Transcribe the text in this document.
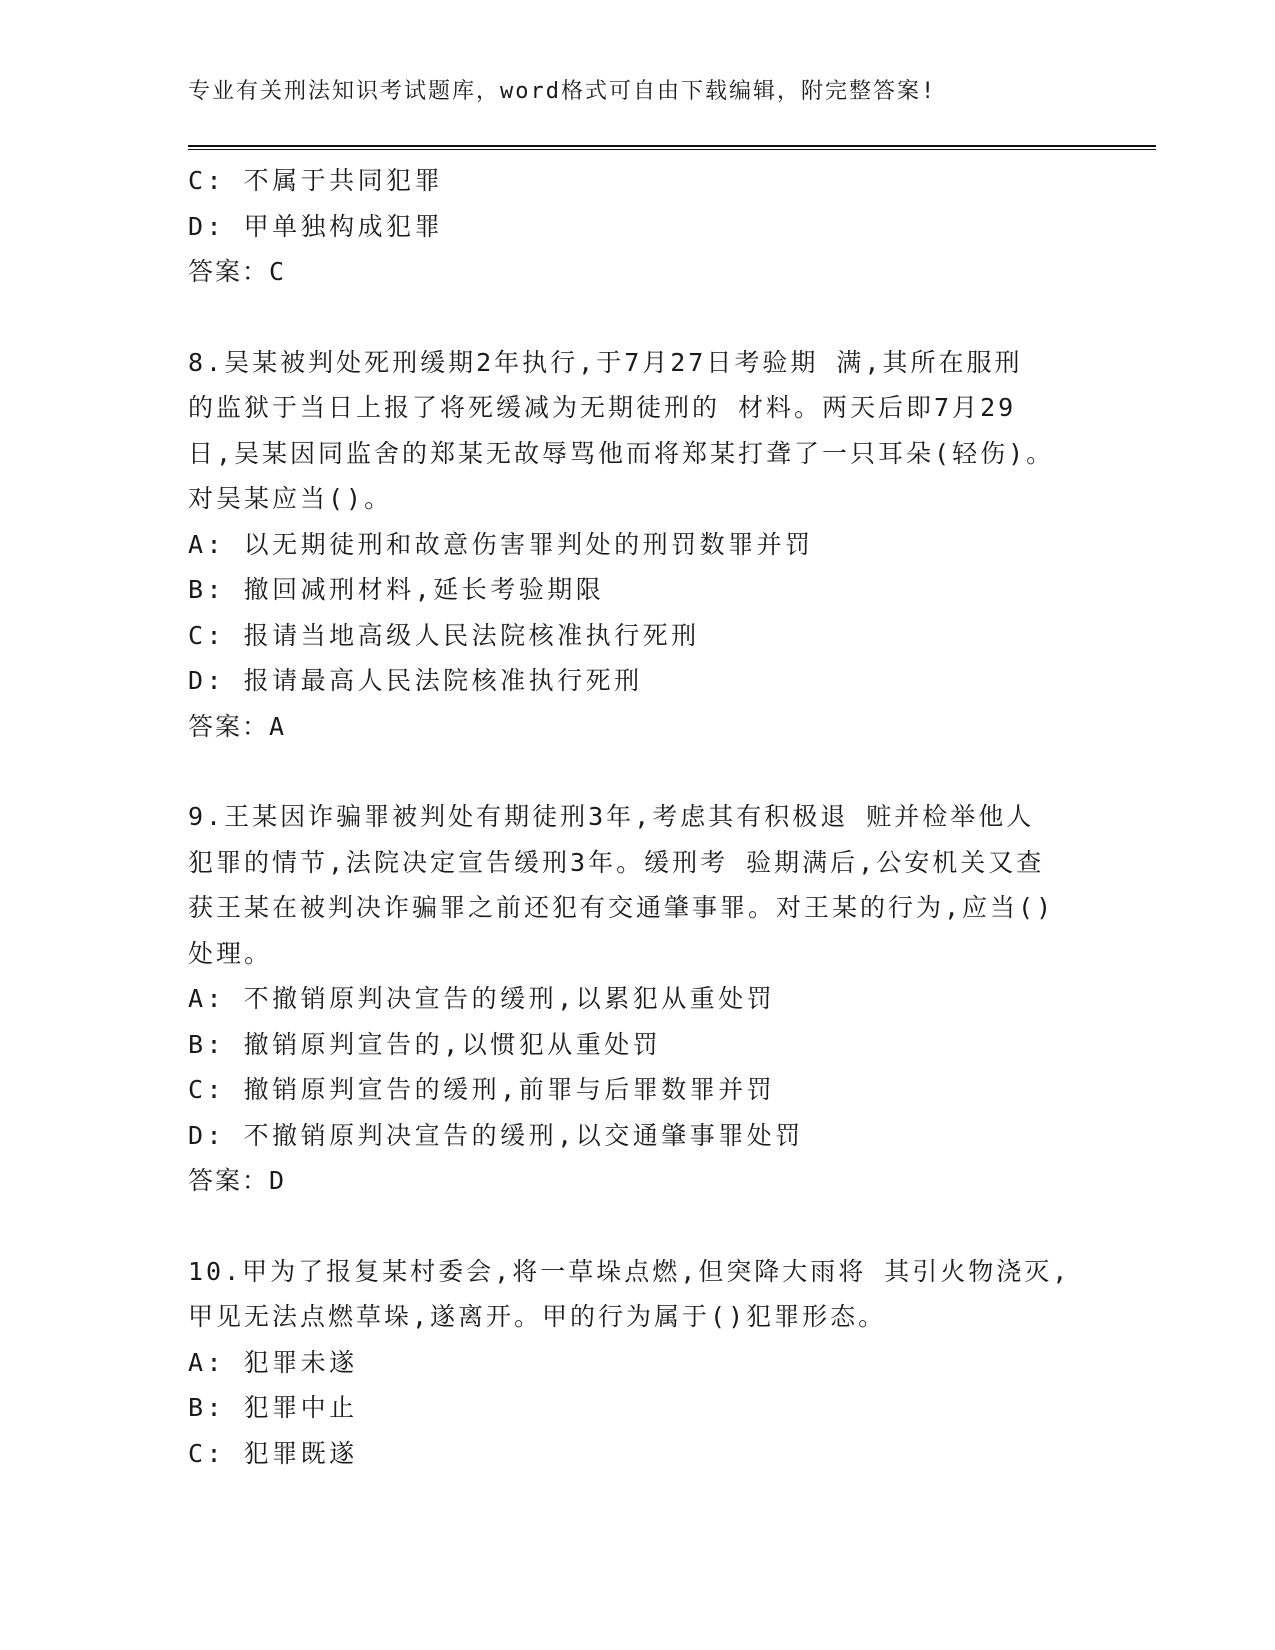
专业有关刑法知识考试题库，word格式可自由下载编辑，附完整答案!
C: 不属于共同犯罪
D: 甲单独构成犯罪
答案：C
8.吴某被判处死刑缓期2年执行,于7月27日考验期 满,其所在服刑
的监狱于当日上报了将死缓减为无期徒刑的 材料。两天后即7月29
日,吴某因同监舍的郑某无故辱骂他而将郑某打聋了一只耳朵(轻伤)。
对吴某应当()。
A: 以无期徒刑和故意伤害罪判处的刑罚数罪并罚
B: 撤回减刑材料,延长考验期限
C: 报请当地高级人民法院核准执行死刑
D: 报请最高人民法院核准执行死刑
答案：A
9.王某因诈骗罪被判处有期徒刑3年,考虑其有积极退 赃并检举他人
犯罪的情节,法院决定宣告缓刑3年。缓刑考 验期满后,公安机关又查
获王某在被判决诈骗罪之前还犯有交通肇事罪。对王某的行为,应当()
处理。
A: 不撤销原判决宣告的缓刑,以累犯从重处罚
B: 撤销原判宣告的,以惯犯从重处罚
C: 撤销原判宣告的缓刑,前罪与后罪数罪并罚
D: 不撤销原判决宣告的缓刑,以交通肇事罪处罚
答案：D
10.甲为了报复某村委会,将一草垛点燃,但突降大雨将 其引火物浇灭,
甲见无法点燃草垛,遂离开。甲的行为属于()犯罪形态。
A: 犯罪未遂
B: 犯罪中止
C: 犯罪既遂
